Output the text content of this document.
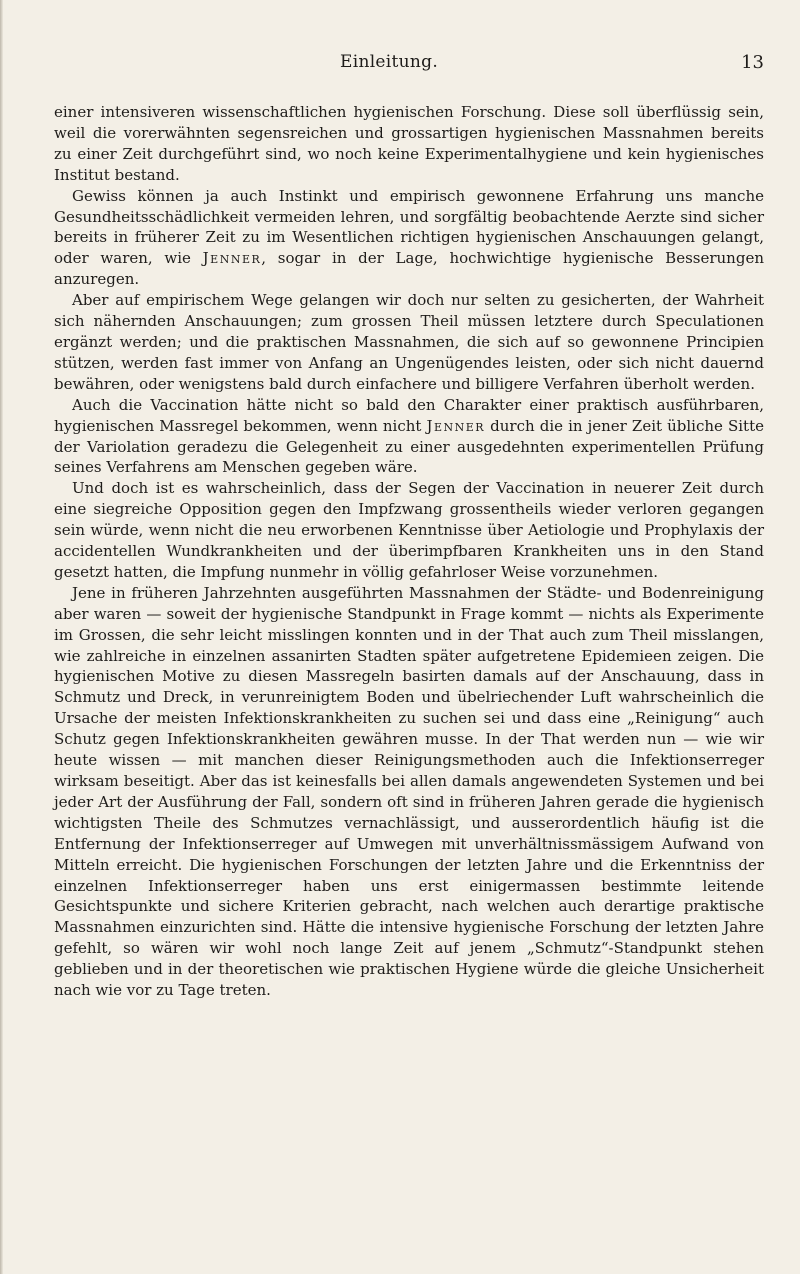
Einleitung.	13

einer intensiveren wissenschaftlichen hygienischen Forschung. Diese soll überflüssig sein, weil die vorerwähnten segensreichen und grossartigen hygienischen Massnahmen bereits zu einer Zeit durchgeführt sind, wo noch keine Experimentalhygiene und kein hygienisches Institut bestand.

Gewiss können ja auch Instinkt und empirisch gewonnene Erfahrung uns manche Gesundheitsschädlichkeit vermeiden lehren, und sorgfältig beobachtende Aerzte sind sicher bereits in früherer Zeit zu im Wesentlichen richtigen hygienischen Anschauungen gelangt, oder waren, wie Jenner, sogar in der Lage, hochwichtige hygienische Besserungen anzuregen.

Aber auf empirischem Wege gelangen wir doch nur selten zu gesicherten, der Wahrheit sich nähernden Anschauungen; zum grossen Theil müssen letztere durch Speculationen ergänzt werden; und die praktischen Massnahmen, die sich auf so gewonnene Principien stützen, werden fast immer von Anfang an Ungenügendes leisten, oder sich nicht dauernd bewähren, oder wenigstens bald durch einfachere und billigere Verfahren überholt werden.

Auch die Vaccination hätte nicht so bald den Charakter einer praktisch ausführbaren, hygienischen Massregel bekommen, wenn nicht Jenner durch die in jener Zeit übliche Sitte der Variolation geradezu die Gelegenheit zu einer ausgedehnten experimentellen Prüfung seines Verfahrens am Menschen gegeben wäre.

Und doch ist es wahrscheinlich, dass der Segen der Vaccination in neuerer Zeit durch eine siegreiche Opposition gegen den Impfzwang grossentheils wieder verloren gegangen sein würde, wenn nicht die neu erworbenen Kenntnisse über Aetiologie und Prophylaxis der accidentellen Wundkrankheiten und der überimpfbaren Krankheiten uns in den Stand gesetzt hatten, die Impfung nunmehr in völlig gefahrloser Weise vorzunehmen.

Jene in früheren Jahrzehnten ausgeführten Massnahmen der Städte- und Bodenreinigung aber waren — soweit der hygienische Standpunkt in Frage kommt — nichts als Experimente im Grossen, die sehr leicht misslingen konnten und in der That auch zum Theil misslangen, wie zahlreiche in einzelnen assanirten Stadten später aufgetretene Epidemieen zeigen. Die hygienischen Motive zu diesen Massregeln basirten damals auf der Anschauung, dass in Schmutz und Dreck, in verunreinigtem Boden und übelriechender Luft wahrscheinlich die Ursache der meisten Infektionskrankheiten zu suchen sei und dass eine „Reinigung“ auch Schutz gegen Infektionskrankheiten gewähren musse. In der That werden nun — wie wir heute wissen — mit manchen dieser Reinigungsmethoden auch die Infektionserreger wirksam beseitigt. Aber das ist keinesfalls bei allen damals angewendeten Systemen und bei jeder Art der Ausführung der Fall, sondern oft sind in früheren Jahren gerade die hygienisch wichtigsten Theile des Schmutzes vernachlässigt, und ausserordentlich häufig ist die Entfernung der Infektionserreger auf Umwegen mit unverhältnissmässigem Aufwand von Mitteln erreicht. Die hygienischen Forschungen der letzten Jahre und die Erkenntniss der einzelnen Infektionserreger haben uns erst einigermassen bestimmte leitende Gesichtspunkte und sichere Kriterien gebracht, nach welchen auch derartige praktische Massnahmen einzurichten sind. Hätte die intensive hygienische Forschung der letzten Jahre gefehlt, so wären wir wohl noch lange Zeit auf jenem „Schmutz“-Standpunkt stehen geblieben und in der theoretischen wie praktischen Hygiene würde die gleiche Unsicherheit nach wie vor zu Tage treten.
